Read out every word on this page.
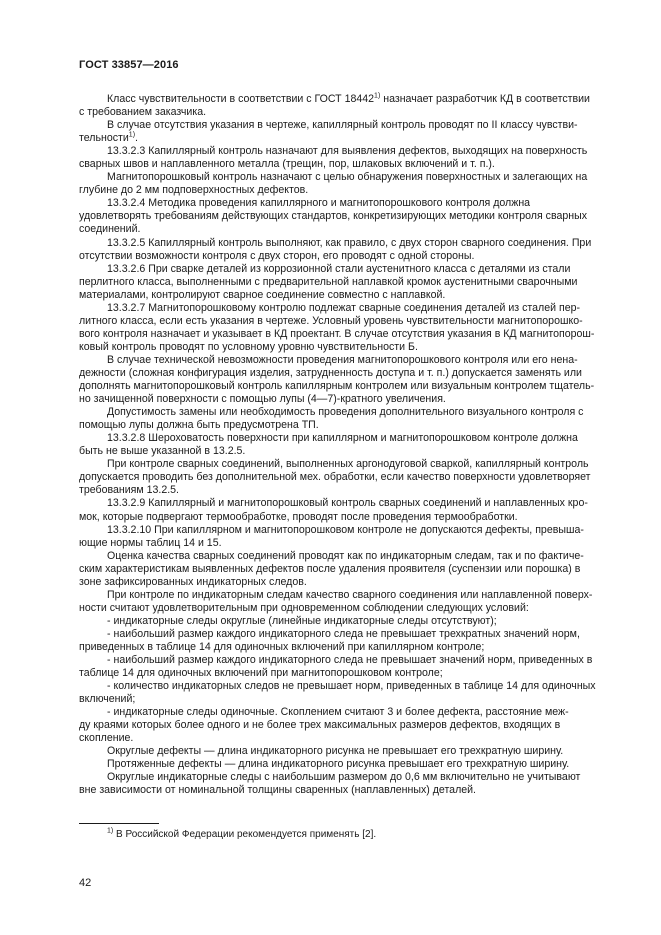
ГОСТ 33857—2016

Класс чувствительности в соответствии с ГОСТ 18442$^{1)}$ назначает разработчик КД в соответствии
с требованием заказчика.

В случае отсутствия указания в чертеже, капиллярный контроль проводят по II классу чувстви-
тельности$^{1)}$.

13.3.2.3 Капиллярный контроль назначают для выявления дефектов, выходящих на поверхность
сварных швов и наплавленного металла (трещин, пор, шлаковых включений и т. п.).

Магнитопорошковый контроль назначают с целью обнаружения поверхностных и залегающих на
глубине до 2 мм подповерхностных дефектов.

13.3.2.4 Методика проведения капиллярного и магнитопорошкового контроля должна
удовлетворять требованиям действующих стандартов, конкретизирующих методики контроля сварных
соединений.

13.3.2.5 Капиллярный контроль выполняют, как правило, с двух сторон сварного соединения. При
отсутствии возможности контроля с двух сторон, его проводят с одной стороны.

13.3.2.6 При сварке деталей из коррозионной стали аустенитного класса с деталями из стали
перлитного класса, выполненными с предварительной наплавкой кромок аустенитными сварочными
материалами, контролируют сварное соединение совместно с наплавкой.

13.3.2.7 Магнитопорошковому контролю подлежат сварные соединения деталей из сталей пер-
литного класса, если есть указания в чертеже. Условный уровень чувствительности магнитопорошко-
вого контроля назначает и указывает в КД проектант. В случае отсутствия указания в КД магнитопорош-
ковый контроль проводят по условному уровню чувствительности Б.

В случае технической невозможности проведения магнитопорошкового контроля или его нена-
дежности (сложная конфигурация изделия, затрудненность доступа и т. п.) допускается заменять или
дополнять магнитопорошковый контроль капиллярным контролем или визуальным контролем тщатель-
но зачищенной поверхности с помощью лупы (4—7)-кратного увеличения.

Допустимость замены или необходимость проведения дополнительного визуального контроля с
помощью лупы должна быть предусмотрена ТП.

13.3.2.8 Шероховатость поверхности при капиллярном и магнитопорошковом контроле должна
быть не выше указанной в 13.2.5.

При контроле сварных соединений, выполненных аргонодуговой сваркой, капиллярный контроль
допускается проводить без дополнительной мех. обработки, если качество поверхности удовлетворяет
требованиям 13.2.5.

13.3.2.9 Капиллярный и магнитопорошковый контроль сварных соединений и наплавленных кро-
мок, которые подвергают термообработке, проводят после проведения термообработки.

13.3.2.10 При капиллярном и магнитопорошковом контроле не допускаются дефекты, превыша-
ющие нормы таблиц 14 и 15.

Оценка качества сварных соединений проводят как по индикаторным следам, так и по фактиче-
ским характеристикам выявленных дефектов после удаления проявителя (суспензии или порошка) в
зоне зафиксированных индикаторных следов.

При контроле по индикаторным следам качество сварного соединения или наплавленной поверх-
ности считают удовлетворительным при одновременном соблюдении следующих условий:

- индикаторные следы округлые (линейные индикаторные следы отсутствуют);

- наибольший размер каждого индикаторного следа не превышает трехкратных значений норм,
приведенных в таблице 14 для одиночных включений при капиллярном контроле;

- наибольший размер каждого индикаторного следа не превышает значений норм, приведенных в
таблице 14 для одиночных включений при магнитопорошковом контроле;

- количество индикаторных следов не превышает норм, приведенных в таблице 14 для одиночных
включений;

- индикаторные следы одиночные. Скоплением считают 3 и более дефекта, расстояние меж-
ду краями которых более одного и не более трех максимальных размеров дефектов, входящих в
скопление.

Округлые дефекты — длина индикаторного рисунка не превышает его трехкратную ширину.

Протяженные дефекты — длина индикаторного рисунка превышает его трехкратную ширину.

Округлые индикаторные следы с наибольшим размером до 0,6 мм включительно не учитывают
вне зависимости от номинальной толщины сваренных (наплавленных) деталей.

$^{1)}$ В Российской Федерации рекомендуется применять [2].
42
